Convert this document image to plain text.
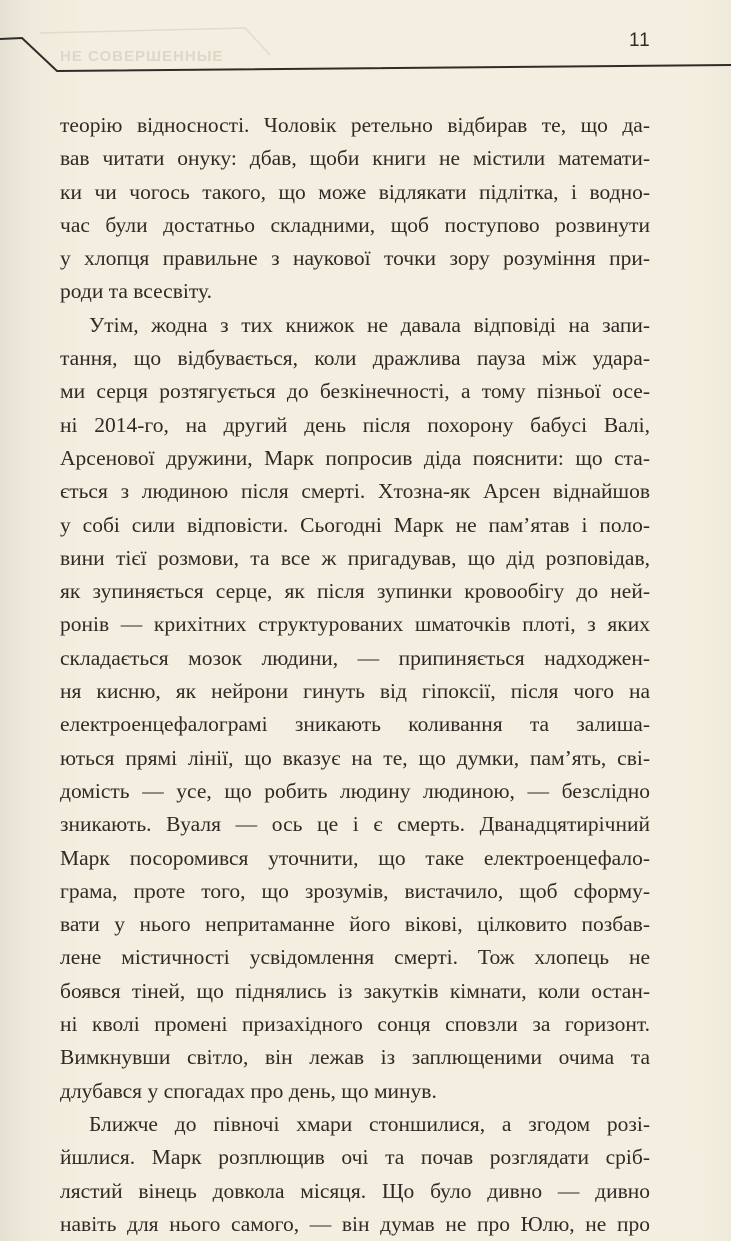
НЕ СОВЕРШЕННЫЕ
11
теорію відносності. Чоловік ретельно відбирав те, що да-
вав читати онуку: дбав, щоби книги не містили математи-
ки чи чогось такого, що може відлякати підлітка, і водно-
час були достатньо складними, щоб поступово розвинути
у хлопця правильне з наукової точки зору розуміння при-
роди та всесвіту.
Утім, жодна з тих книжок не давала відповіді на запи-
тання, що відбувається, коли дражлива пауза між удара-
ми серця розтягується до безкінечності, а тому пізньої осе-
ні 2014-го, на другий день після похорону бабусі Валі,
Арсенової дружини, Марк попросив діда пояснити: що ста-
ється з людиною після смерті. Хтозна-як Арсен віднайшов
у собі сили відповісти. Сьогодні Марк не пам’ятав і поло-
вини тієї розмови, та все ж пригадував, що дід розповідав,
як зупиняється серце, як після зупинки кровообігу до ней-
ронів — крихітних структурованих шматочків плоті, з яких
складається мозок людини, — припиняється надходжен-
ня кисню, як нейрони гинуть від гіпоксії, після чого на
електроенцефалограмі зникають коливання та залиша-
ються прямі лінії, що вказує на те, що думки, пам’ять, сві-
домість — усе, що робить людину людиною, — безслідно
зникають. Вуаля — ось це і є смерть. Дванадцятирічний
Марк посоромився уточнити, що таке електроенцефало-
грама, проте того, що зрозумів, вистачило, щоб сформу-
вати у нього непритаманне його вікові, цілковито позбав-
лене містичності усвідомлення смерті. Тож хлопець не
боявся тіней, що піднялись із закутків кімнати, коли остан-
ні кволі промені призахідного сонця сповзли за горизонт.
Вимкнувши світло, він лежав із заплющеними очима та
длубався у спогадах про день, що минув.
Ближче до півночі хмари стоншилися, а згодом розі-
йшлися. Марк розплющив очі та почав розглядати сріб-
лястий вінець довкола місяця. Що було дивно — дивно
навіть для нього самого, — він думав не про Юлю, не про
